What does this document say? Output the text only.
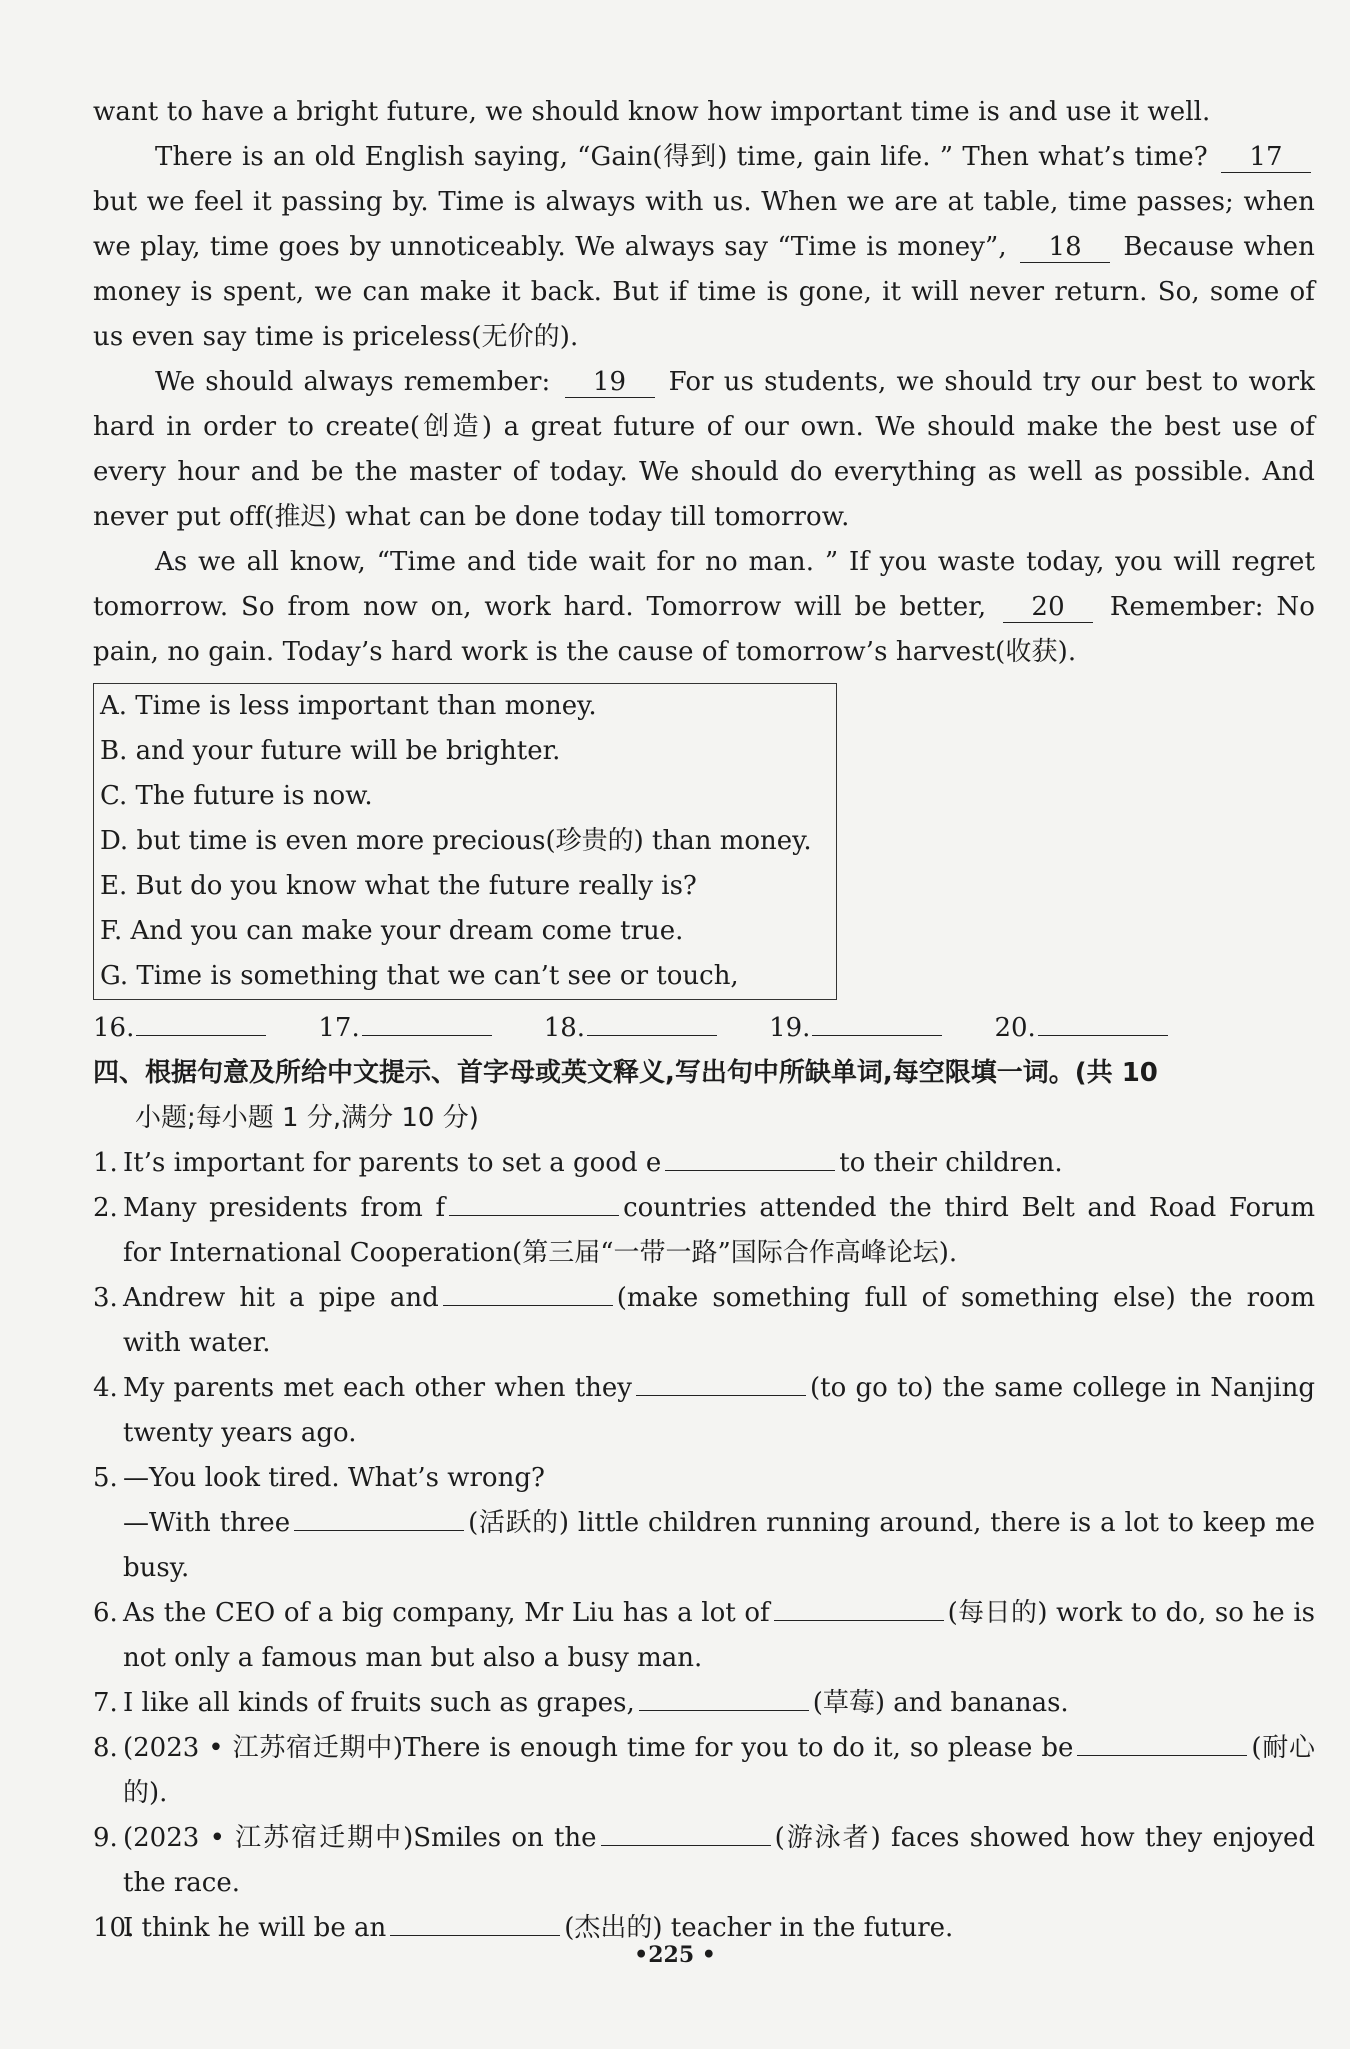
want to have a bright future, we should know how important time is and use it well.

There is an old English saying, “Gain(得到) time, gain life. ” Then what’s time? 17 but we feel it passing by. Time is always with us. When we are at table, time passes; when we play, time goes by unnoticeably. We always say “Time is money”, 18 Because when money is spent, we can make it back. But if time is gone, it will never return. So, some of us even say time is priceless(无价的).

We should always remember: 19 For us students, we should try our best to work hard in order to create(创造) a great future of our own. We should make the best use of every hour and be the master of today. We should do everything as well as possible. And never put off(推迟) what can be done today till tomorrow.

As we all know, “Time and tide wait for no man. ” If you waste today, you will regret tomorrow. So from now on, work hard. Tomorrow will be better, 20 Remember: No pain, no gain. Today’s hard work is the cause of tomorrow’s harvest(收获).

A. Time is less important than money.
B. and your future will be brighter.
C. The future is now.
D. but time is even more precious(珍贵的) than money.
E. But do you know what the future really is?
F. And you can make your dream come true.
G. Time is something that we can’t see or touch,
16.	17.	18.	19.	20.
四、根据句意及所给中文提示、首字母或英文释义,写出句中所缺单词,每空限填一词。(共 10
小题;每小题 1 分,满分 10 分)
1. It’s important for parents to set a good e	to their children.
2. Many presidents from f	countries attended the third Belt and Road Forum for International Cooperation(第三届“一带一路”国际合作高峰论坛).
3. Andrew hit a pipe and	(make something full of something else) the room with water.
4. My parents met each other when they	(to go to) the same college in Nanjing twenty years ago.
5. —You look tired. What’s wrong?
—With three	(活跃的) little children running around, there is a lot to keep me busy.
6. As the CEO of a big company, Mr Liu has a lot of	(每日的) work to do, so he is not only a famous man but also a busy man.
7. I like all kinds of fruits such as grapes,	(草莓) and bananas.
8. (2023 • 江苏宿迁期中)There is enough time for you to do it, so please be	(耐心的).
9. (2023 • 江苏宿迁期中)Smiles on the	(游泳者) faces showed how they enjoyed the race.
10.
I think he will be an	(杰出的) teacher in the future.
•225 •
